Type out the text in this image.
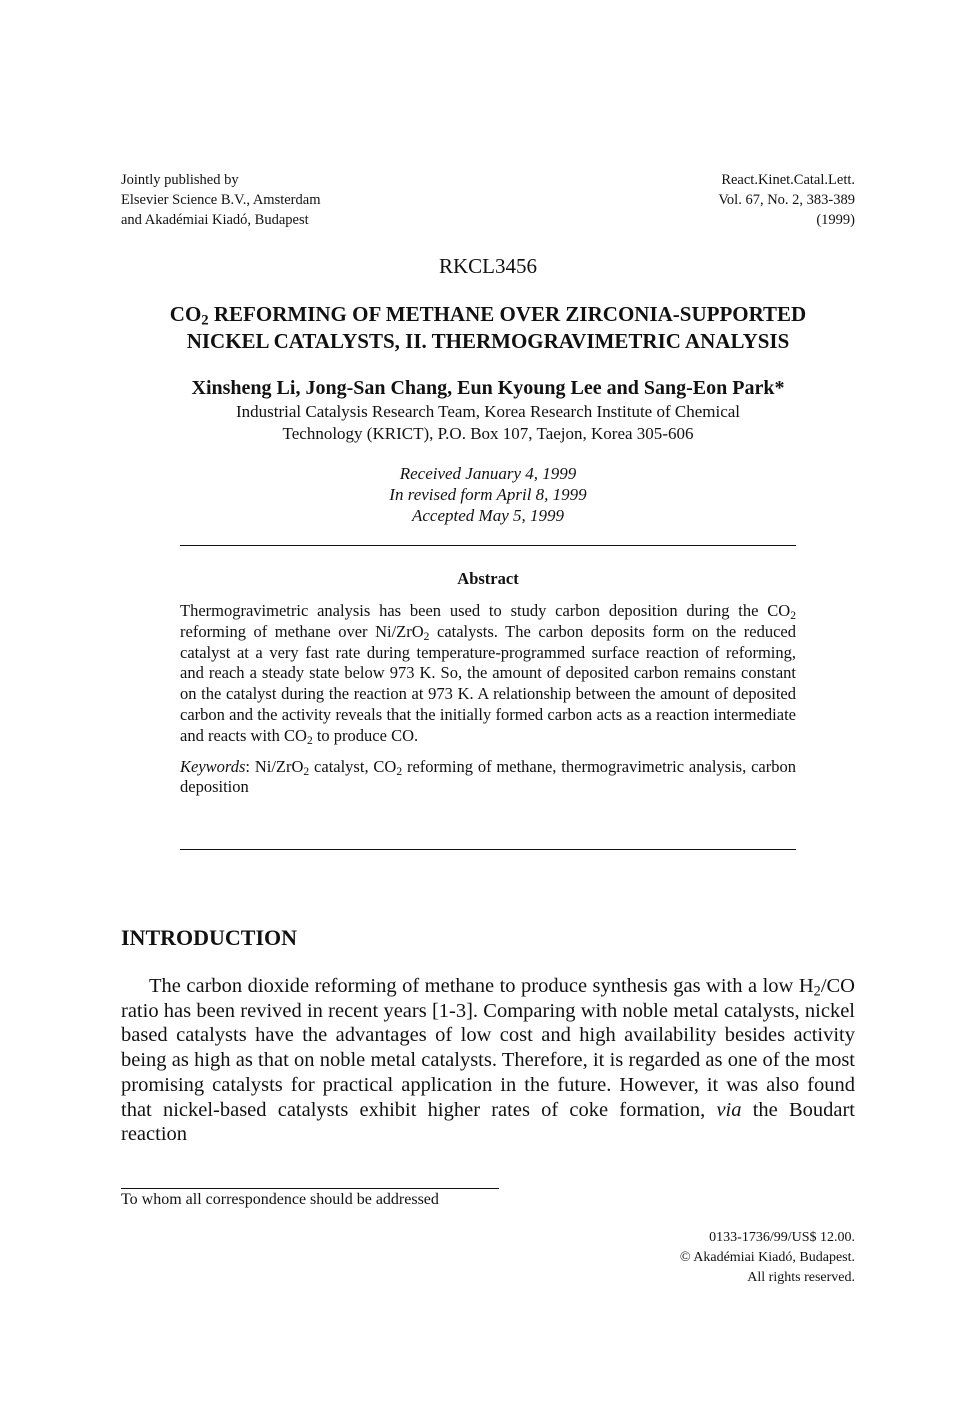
Jointly published by
Elsevier Science B.V., Amsterdam
and Akadémiai Kiadó, Budapest
React.Kinet.Catal.Lett.
Vol. 67, No. 2, 383-389
(1999)
RKCL3456
$CO_2$ REFORMING OF METHANE OVER ZIRCONIA-SUPPORTED
NICKEL CATALYSTS, II. THERMOGRAVIMETRIC ANALYSIS
Xinsheng Li, Jong-San Chang, Eun Kyoung Lee and Sang-Eon Park*
Industrial Catalysis Research Team, Korea Research Institute of Chemical
Technology (KRICT), P.O. Box 107, Taejon, Korea 305-606
Received January 4, 1999
In revised form April 8, 1999
Accepted May 5, 1999
Abstract

Thermogravimetric analysis has been used to study carbon deposition during the $CO_2$ reforming of methane over Ni/ZrO$_2$ catalysts. The carbon deposits form on the reduced catalyst at a very fast rate during temperature-programmed surface reaction of reforming, and reach a steady state below 973 K. So, the amount of deposited carbon remains constant on the catalyst during the reaction at 973 K. A relationship between the amount of deposited carbon and the activity reveals that the initially formed carbon acts as a reaction intermediate and reacts with $CO_2$ to produce CO.

Keywords: Ni/ZrO$_2$ catalyst, $CO_2$ reforming of methane, thermogravimetric analysis, carbon deposition

INTRODUCTION

The carbon dioxide reforming of methane to produce synthesis gas with a low $H_2/CO$ ratio has been revived in recent years [1-3]. Comparing with noble metal catalysts, nickel based catalysts have the advantages of low cost and high availability besides activity being as high as that on noble metal catalysts. Therefore, it is regarded as one of the most promising catalysts for practical application in the future. However, it was also found that nickel-based catalysts exhibit higher rates of coke formation, via the Boudart reaction

To whom all correspondence should be addressed
0133-1736/99/US$ 12.00.
© Akadémiai Kiadó, Budapest.
All rights reserved.
